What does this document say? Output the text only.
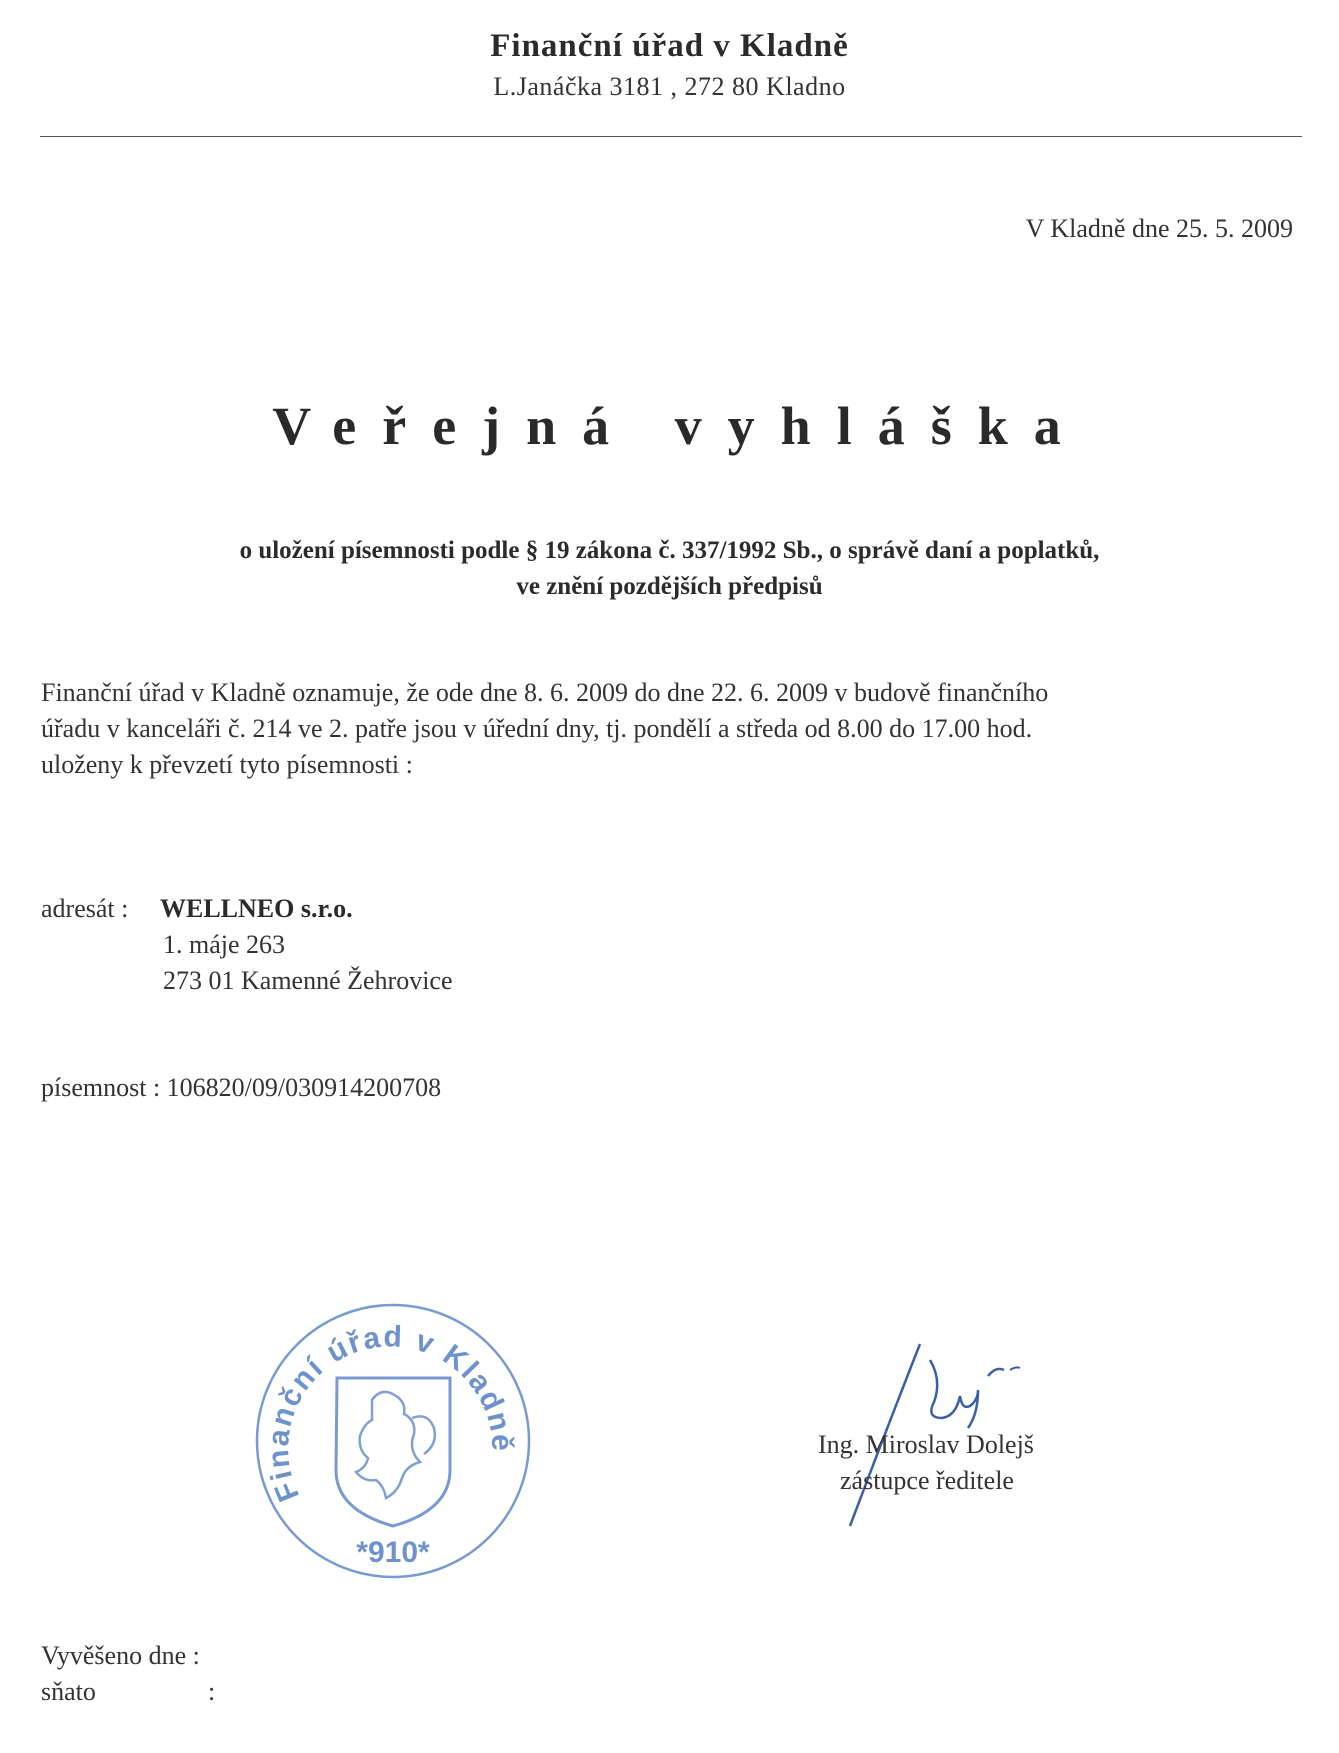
Finanční úřad v Kladně
L.Janáčka 3181 , 272 80 Kladno
V Kladně dne 25. 5. 2009
Veřejná vyhláška
o uložení písemnosti podle § 19 zákona č. 337/1992 Sb., o správě daní a poplatků,
ve znění pozdějších předpisů
Finanční úřad v Kladně oznamuje, že ode dne 8. 6. 2009 do dne 22. 6. 2009 v budově finančního
úřadu v kanceláři č. 214 ve 2. patře jsou v úřední dny, tj. pondělí a středa od 8.00 do 17.00 hod.
uloženy k převzetí tyto písemnosti :
adresát : WELLNEO s.r.o.
1. máje 263
273 01 Kamenné Žehrovice
písemnost : 106820/09/030914200708
Finanční úřad v Kladně
*910*
Ing. Miroslav Dolejš
zástupce ředitele
Vyvěšeno dne :
sňato	:
